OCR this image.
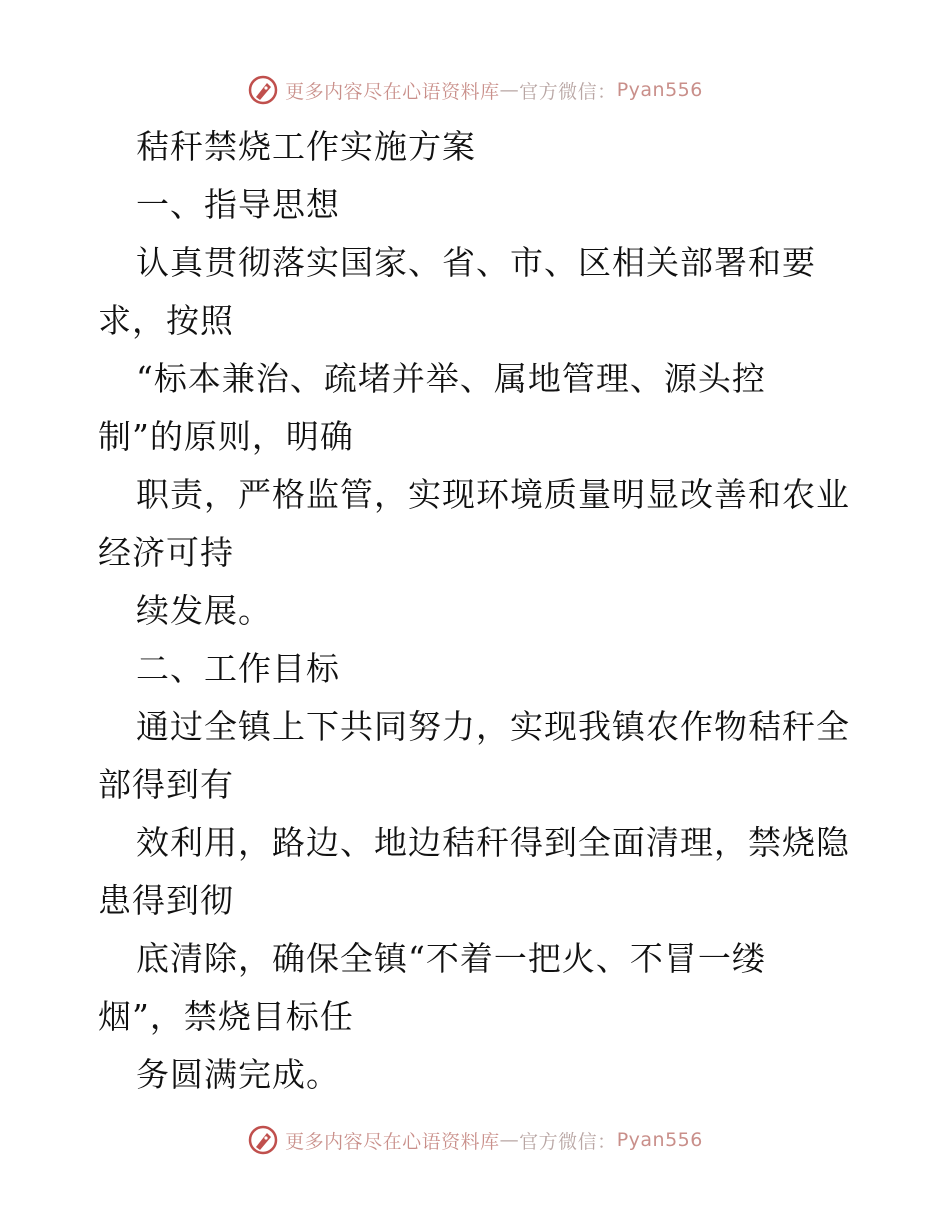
更多内容尽在心语资料库 — 官方微信： Pyan556
秸秆禁烧工作实施方案
一、指导思想
认真贯彻落实国家、省、市、区相关部署和要
求，按照
“标本兼治、疏堵并举、属地管理、源头控
制”的原则，明确
职责，严格监管，实现环境质量明显改善和农业
经济可持
续发展。
二、工作目标
通过全镇上下共同努力，实现我镇农作物秸秆全
部得到有
效利用，路边、地边秸秆得到全面清理，禁烧隐
患得到彻
底清除，确保全镇“不着一把火、不冒一缕
烟”，禁烧目标任
务圆满完成。
更多内容尽在心语资料库 — 官方微信： Pyan556
